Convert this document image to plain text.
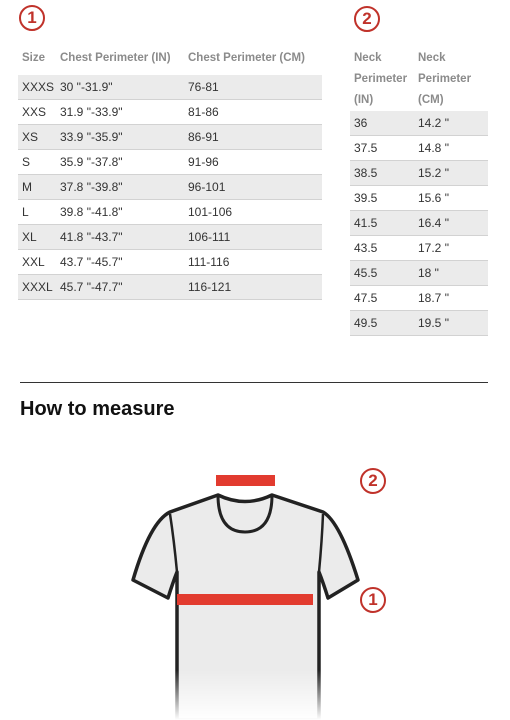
1	2
Size	Chest Perimeter (IN)	Chest Perimeter (CM)
XXXS	30 "-31.9"	76-81
XXS	31.9 "-33.9"	81-86
XS	33.9 "-35.9"	86-91
S	35.9 "-37.8"	91-96
M	37.8 "-39.8"	96-101
L	39.8 "-41.8"	101-106
XL	41.8 "-43.7"	106-111
XXL	43.7 "-45.7"	111-116
XXXL	45.7 "-47.7"	116-121
Neck Perimeter (IN)	Neck Perimeter (CM)
36	14.2 "
37.5	14.8 "
38.5	15.2 "
39.5	15.6 "
41.5	16.4 "
43.5	17.2 "
45.5	18 "
47.5	18.7 "
49.5	19.5 "
How to measure
2
1
